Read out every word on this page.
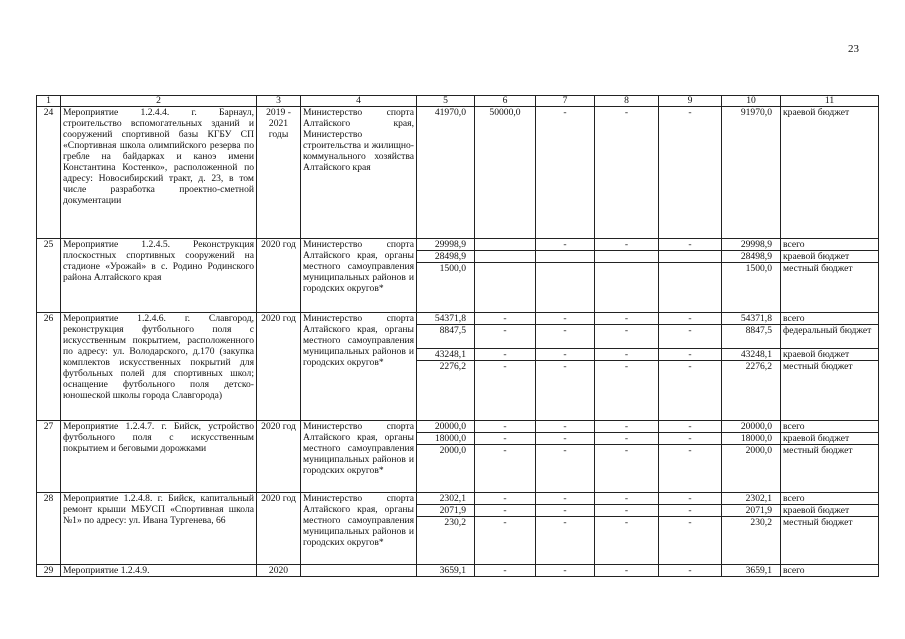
23
1	2	3	4	5	6	7	8	9	10	11
24	Мероприятие 1.2.4.4. г. Барнаул, строительство вспомогательных зданий и сооружений спортивной базы КГБУ СП «Спортивная школа олимпийского резерва по гребле на байдарках и каноэ имени Константина Костенко», расположенной по адресу: Новосибирский тракт, д. 23, в том числе разработка проектно-сметной документации	2019 - 2021 годы	Министерство спорта Алтайского края, Министерство строительства и жилищно-коммунального хозяйства Алтайского края	41970,0	50000,0	-	-	-	91970,0	краевой бюджет
25	Мероприятие 1.2.4.5. Реконструкция плоскостных спортивных сооружений на стадионе «Урожай» в с. Родино Родинского района Алтайского края	2020 год	Министерство спорта Алтайского края, органы местного самоуправления муниципальных районов и городских округов*	29998,9		-	-	-	29998,9	всего
				28498,9					28498,9	краевой бюджет
				1500,0					1500,0	местный бюджет
26	Мероприятие 1.2.4.6. г. Славгород, реконструкция футбольного поля с искусственным покрытием, расположенного по адресу: ул. Володарского, д.170 (закупка комплектов искусственных покрытий для футбольных полей для спортивных школ; оснащение футбольного поля детско-юношеской школы города Славгорода)	2020 год	Министерство спорта Алтайского края, органы местного самоуправления муниципальных районов и городских округов*	54371,8	-	-	-	-	54371,8	всего
				8847,5	-	-	-	-	8847,5	федеральный бюджет
				43248,1	-	-	-	-	43248,1	краевой бюджет
				2276,2	-	-	-	-	2276,2	местный бюджет
27	Мероприятие 1.2.4.7. г. Бийск, устройство футбольного поля с искусственным покрытием и беговыми дорожками	2020 год	Министерство спорта Алтайского края, органы местного самоуправления муниципальных районов и городских округов*	20000,0	-	-	-	-	20000,0	всего
				18000,0	-	-	-	-	18000,0	краевой бюджет
				2000,0	-	-	-	-	2000,0	местный бюджет
28	Мероприятие 1.2.4.8. г. Бийск, капитальный ремонт крыши МБУСП «Спортивная школа №1» по адресу: ул. Ивана Тургенева, 66	2020 год	Министерство спорта Алтайского края, органы местного самоуправления муниципальных районов и городских округов*	2302,1	-	-	-	-	2302,1	всего
				2071,9	-	-	-	-	2071,9	краевой бюджет
				230,2	-	-	-	-	230,2	местный бюджет
29	Мероприятие 1.2.4.9.	2020		3659,1	-	-	-	-	3659,1	всего
